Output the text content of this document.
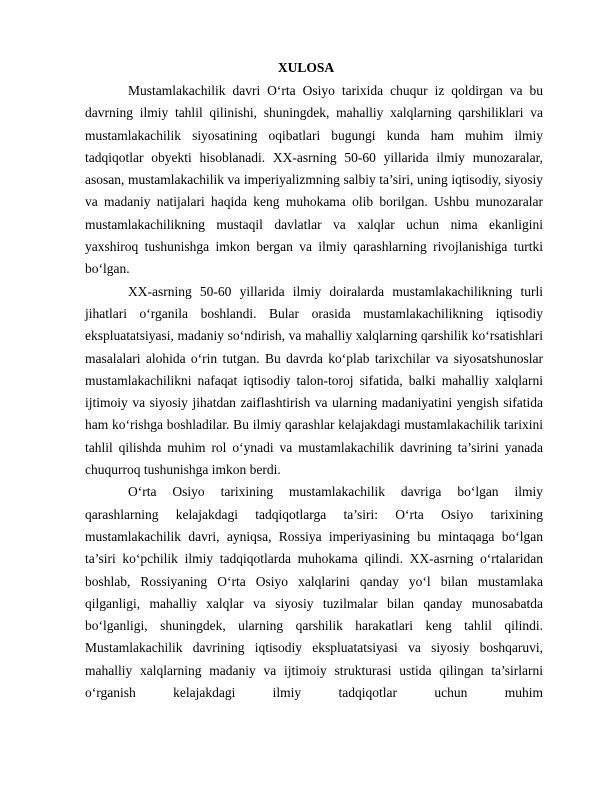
XULOSA

Mustamlakachilik davri O‘rta Osiyo tarixida chuqur iz qoldirgan va bu davrning ilmiy tahlil qilinishi, shuningdek, mahalliy xalqlarning qarshiliklari va mustamlakachilik siyosatining oqibatlari bugungi kunda ham muhim ilmiy tadqiqotlar obyekti hisoblanadi. XX-asrning 50-60 yillarida ilmiy munozaralar, asosan, mustamlakachilik va imperiyalizmning salbiy ta’siri, uning iqtisodiy, siyosiy va madaniy natijalari haqida keng muhokama olib borilgan. Ushbu munozaralar mustamlakachilikning mustaqil davlatlar va xalqlar uchun nima ekanligini yaxshiroq tushunishga imkon bergan va ilmiy qarashlarning rivojlanishiga turtki bo‘lgan.

XX-asrning 50-60 yillarida ilmiy doiralarda mustamlakachilikning turli jihatlari o‘rganila boshlandi. Bular orasida mustamlakachilikning iqtisodiy ekspluatatsiyasi, madaniy so‘ndirish, va mahalliy xalqlarning qarshilik ko‘rsatishlari masalalari alohida o‘rin tutgan. Bu davrda ko‘plab tarixchilar va siyosatshunoslar mustamlakachilikni nafaqat iqtisodiy talon-toroj sifatida, balki mahalliy xalqlarni ijtimoiy va siyosiy jihatdan zaiflashtirish va ularning madaniyatini yengish sifatida ham ko‘rishga boshladilar. Bu ilmiy qarashlar kelajakdagi mustamlakachilik tarixini tahlil qilishda muhim rol o‘ynadi va mustamlakachilik davrining ta’sirini yanada chuqurroq tushunishga imkon berdi.

O‘rta Osiyo tarixining mustamlakachilik davriga bo‘lgan ilmiy qarashlarning kelajakdagi tadqiqotlarga ta’siri: O‘rta Osiyo tarixining mustamlakachilik davri, ayniqsa, Rossiya imperiyasining bu mintaqaga bo‘lgan ta’siri ko‘pchilik ilmiy tadqiqotlarda muhokama qilindi. XX-asrning o‘rtalaridan boshlab, Rossiyaning O‘rta Osiyo xalqlarini qanday yo‘l bilan mustamlaka qilganligi, mahalliy xalqlar va siyosiy tuzilmalar bilan qanday munosabatda bo‘lganligi, shuningdek, ularning qarshilik harakatlari keng tahlil qilindi. Mustamlakachilik davrining iqtisodiy ekspluatatsiyasi va siyosiy boshqaruvi, mahalliy xalqlarning madaniy va ijtimoiy strukturasi ustida qilingan ta’sirlarni o‘rganish kelajakdagi ilmiy tadqiqotlar uchun muhim
